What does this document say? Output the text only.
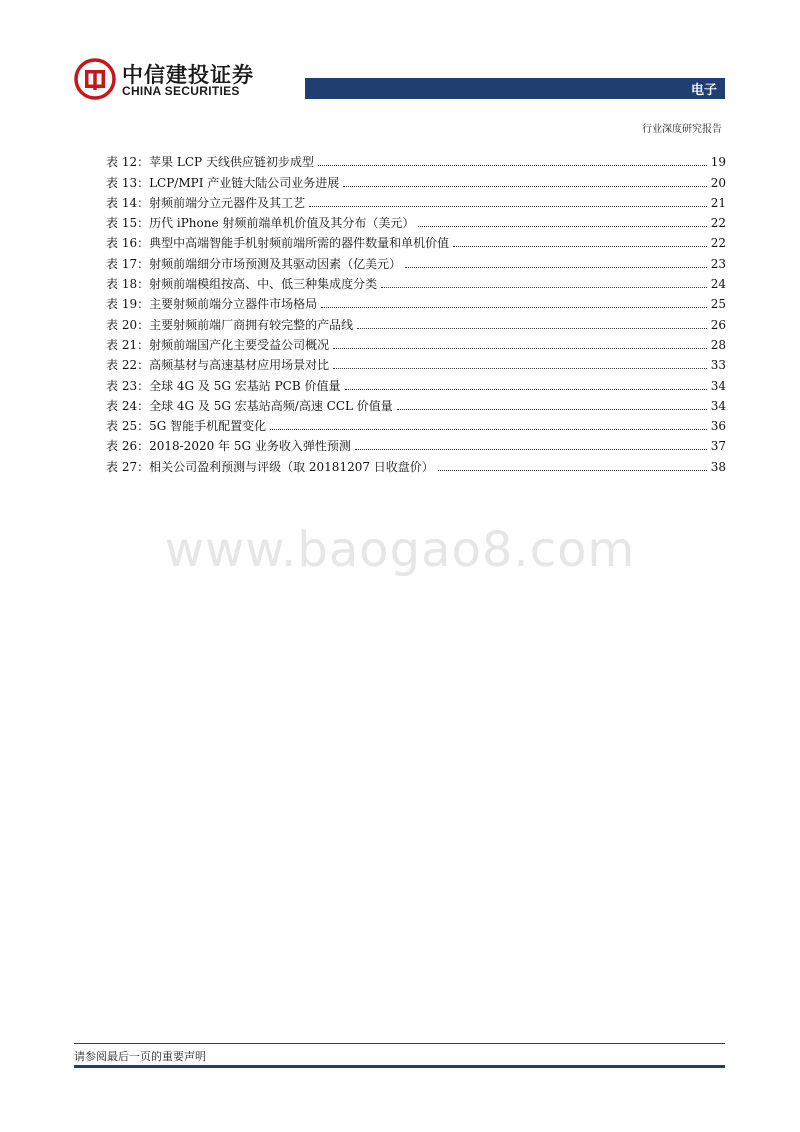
中信建投证券
CHINA SECURITIES	电子
行业深度研究报告
表 12：苹果 LCP 天线供应链初步成型	19
表 13：LCP/MPI 产业链大陆公司业务进展	20
表 14：射频前端分立元器件及其工艺	21
表 15：历代 iPhone 射频前端单机价值及其分布（美元）	22
表 16：典型中高端智能手机射频前端所需的器件数量和单机价值	22
表 17：射频前端细分市场预测及其驱动因素（亿美元）	23
表 18：射频前端模组按高、中、低三种集成度分类	24
表 19：主要射频前端分立器件市场格局	25
表 20：主要射频前端厂商拥有较完整的产品线	26
表 21：射频前端国产化主要受益公司概况	28
表 22：高频基材与高速基材应用场景对比	33
表 23：全球 4G 及 5G 宏基站 PCB 价值量	34
表 24：全球 4G 及 5G 宏基站高频/高速 CCL 价值量	34
表 25：5G 智能手机配置变化	36
表 26：2018-2020 年 5G 业务收入弹性预测	37
表 27：相关公司盈利预测与评级（取 20181207 日收盘价）	38
www.baogao8.com
请参阅最后一页的重要声明
